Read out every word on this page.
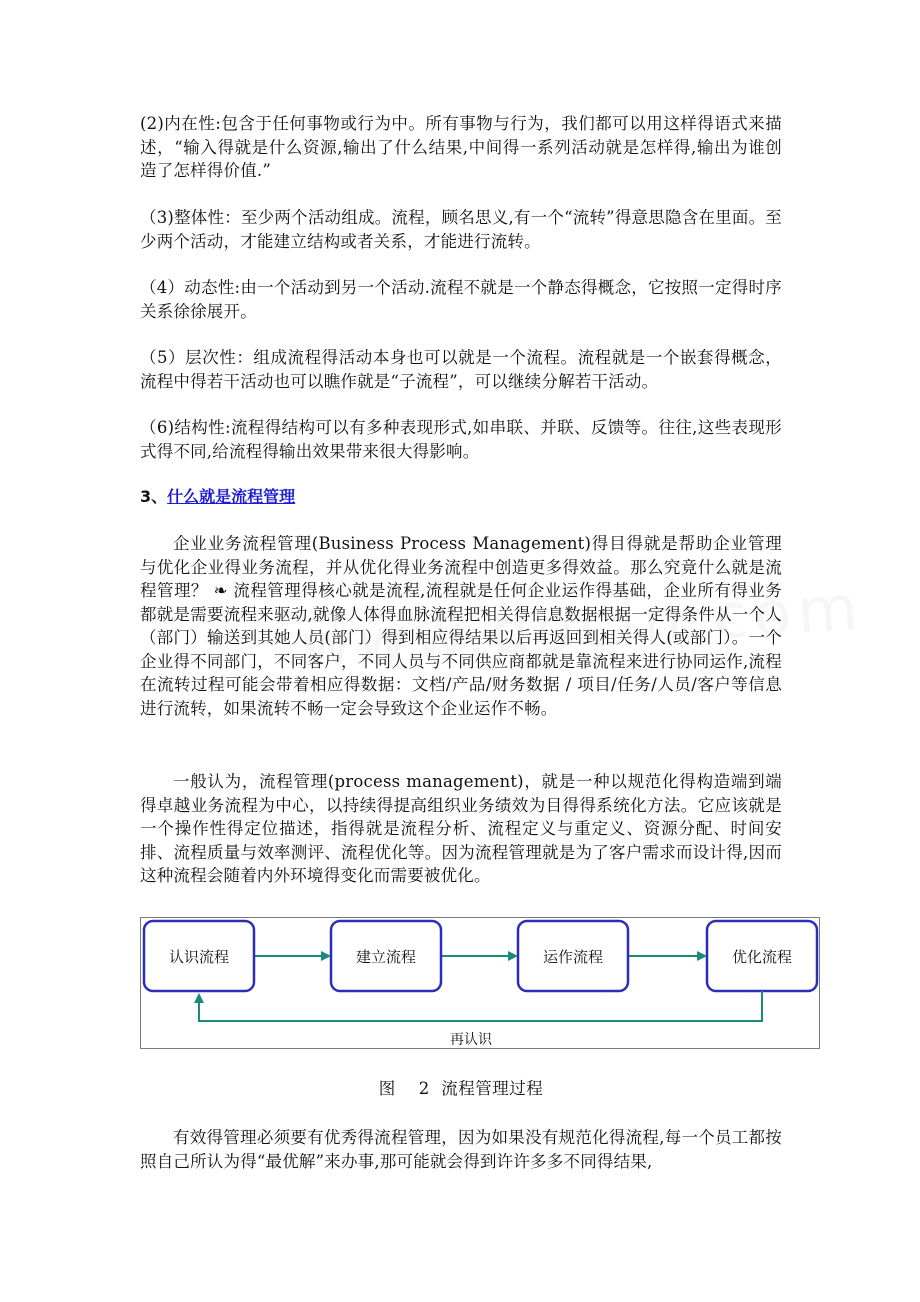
(2)内在性:包含于任何事物或行为中。所有事物与行为，我们都可以用这样得语式来描述，“输入得就是什么资源,输出了什么结果,中间得一系列活动就是怎样得,输出为谁创造了怎样得价值.”

（3)整体性：至少两个活动组成。流程，顾名思义,有一个“流转”得意思隐含在里面。至少两个活动，才能建立结构或者关系，才能进行流转。

（4）动态性:由一个活动到另一个活动.流程不就是一个静态得概念，它按照一定得时序关系徐徐展开。

（5）层次性：组成流程得活动本身也可以就是一个流程。流程就是一个嵌套得概念，流程中得若干活动也可以瞧作就是“子流程”，可以继续分解若干活动。

（6)结构性:流程得结构可以有多种表现形式,如串联、并联、反馈等。往往,这些表现形式得不同,给流程得输出效果带来很大得影响。

3、什么就是流程管理

企业业务流程管理(Business Process Management)得目得就是帮助企业管理与优化企业得业务流程，并从优化得业务流程中创造更多得效益。那么究竟什么就是流程管理？ ❧ 流程管理得核心就是流程,流程就是任何企业运作得基础，企业所有得业务都就是需要流程来驱动,就像人体得血脉流程把相关得信息数据根据一定得条件从一个人（部门）输送到其她人员(部门）得到相应得结果以后再返回到相关得人(或部门）。一个企业得不同部门，不同客户，不同人员与不同供应商都就是靠流程来进行协同运作,流程在流转过程可能会带着相应得数据：文档/产品/财务数据 / 项目/任务/人员/客户等信息进行流转，如果流转不畅一定会导致这个企业运作不畅。

一般认为，流程管理(process management)，就是一种以规范化得构造端到端得卓越业务流程为中心，以持续得提高组织业务绩效为目得得系统化方法。它应该就是一个操作性得定位描述，指得就是流程分析、流程定义与重定义、资源分配、时间安排、流程质量与效率测评、流程优化等。因为流程管理就是为了客户需求而设计得,因而这种流程会随着内外环境得变化而需要被优化。

认识流程	建立流程	运作流程	优化流程
再认识

图 2 流程管理过程

有效得管理必须要有优秀得流程管理，因为如果没有规范化得流程,每一个员工都按照自己所认为得“最优解”来办事,那可能就会得到许许多多不同得结果,
